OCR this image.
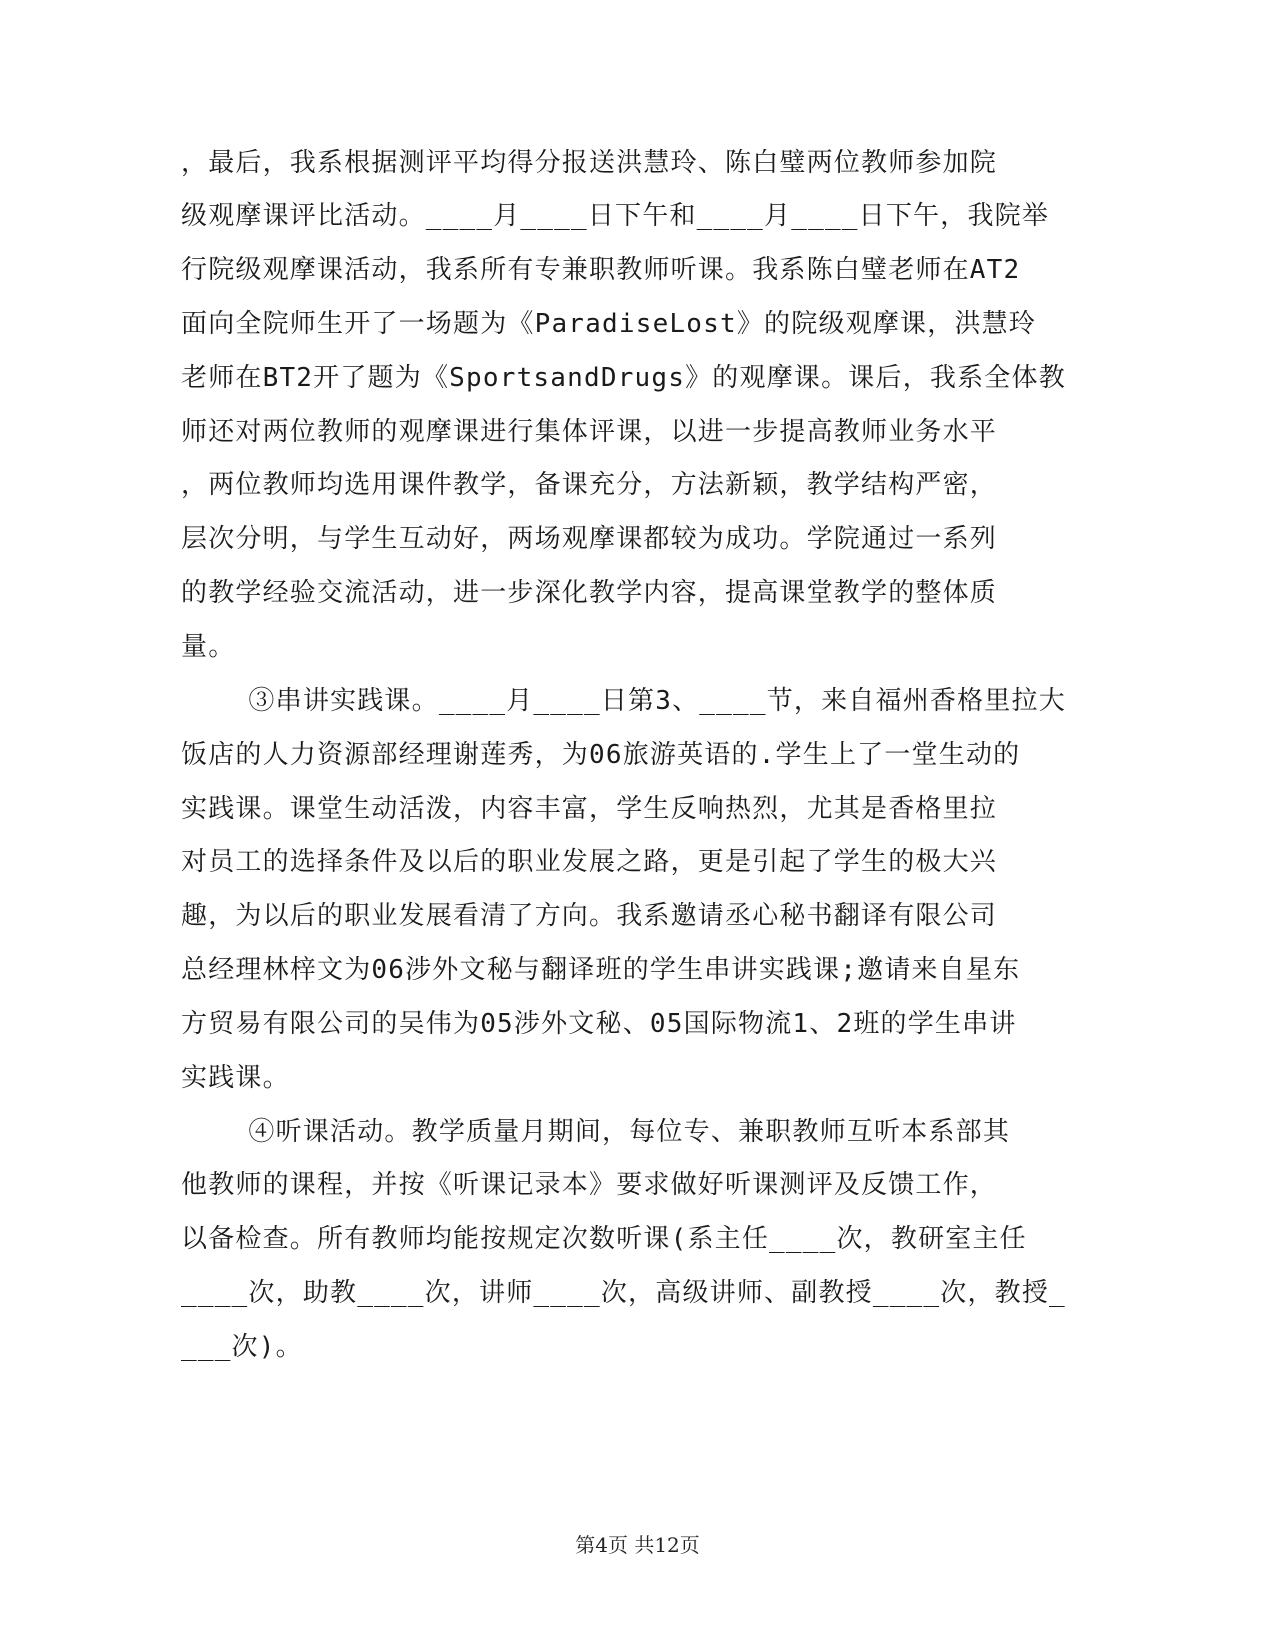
，最后，我系根据测评平均得分报送洪慧玲、陈白璧两位教师参加院
级观摩课评比活动。____月____日下午和____月____日下午，我院举
行院级观摩课活动，我系所有专兼职教师听课。我系陈白璧老师在AT2
面向全院师生开了一场题为《ParadiseLost》的院级观摩课，洪慧玲
老师在BT2开了题为《SportsandDrugs》的观摩课。课后，我系全体教
师还对两位教师的观摩课进行集体评课，以进一步提高教师业务水平
，两位教师均选用课件教学，备课充分，方法新颖，教学结构严密，
层次分明，与学生互动好，两场观摩课都较为成功。学院通过一系列
的教学经验交流活动，进一步深化教学内容，提高课堂教学的整体质
量。
③串讲实践课。____月____日第3、____节，来自福州香格里拉大
饭店的人力资源部经理谢莲秀，为06旅游英语的.学生上了一堂生动的
实践课。课堂生动活泼，内容丰富，学生反响热烈，尤其是香格里拉
对员工的选择条件及以后的职业发展之路，更是引起了学生的极大兴
趣，为以后的职业发展看清了方向。我系邀请丞心秘书翻译有限公司
总经理林梓文为06涉外文秘与翻译班的学生串讲实践课;邀请来自星东
方贸易有限公司的吴伟为05涉外文秘、05国际物流1、2班的学生串讲
实践课。
④听课活动。教学质量月期间，每位专、兼职教师互听本系部其
他教师的课程，并按《听课记录本》要求做好听课测评及反馈工作，
以备检查。所有教师均能按规定次数听课(系主任____次，教研室主任
____次，助教____次，讲师____次，高级讲师、副教授____次，教授_
___次)。
第4页 共12页
